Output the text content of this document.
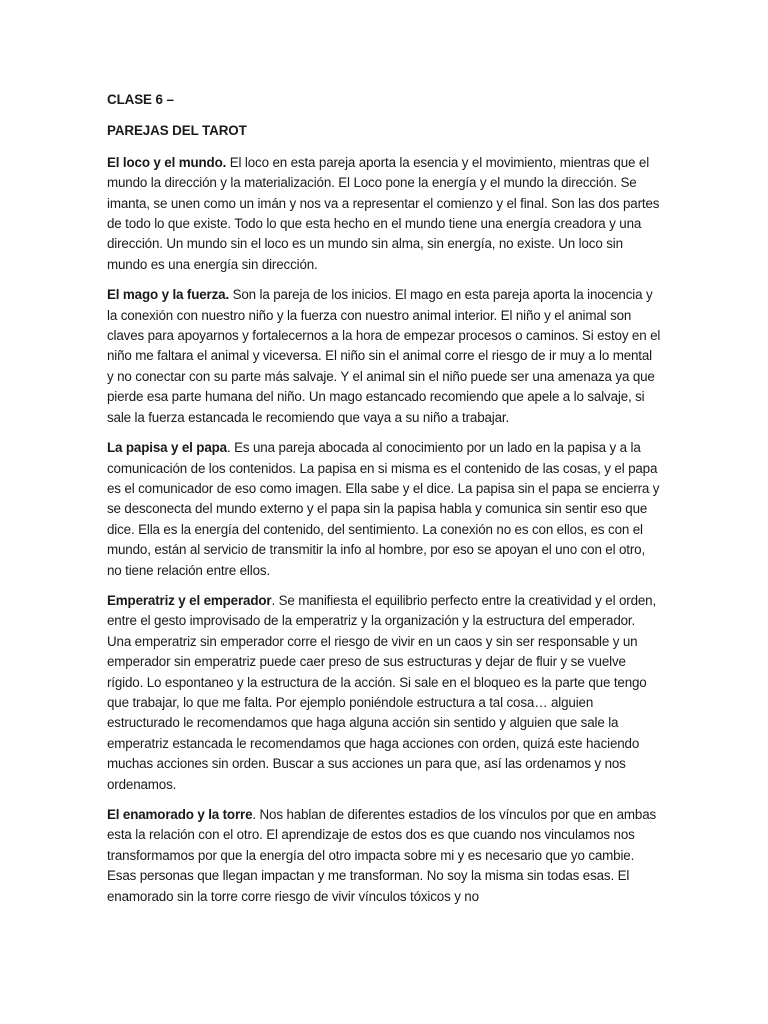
CLASE 6 –
PAREJAS DEL TAROT

El loco y el mundo. El loco en esta pareja aporta la esencia y el movimiento, mientras que el mundo la dirección y la materialización. El Loco pone la energía y el mundo la dirección. Se imanta, se unen como un imán y nos va a representar el comienzo y el final. Son las dos partes de todo lo que existe. Todo lo que esta hecho en el mundo tiene una energía creadora y una dirección. Un mundo sin el loco es un mundo sin alma, sin energía, no existe. Un loco sin mundo es una energía sin dirección.

El mago y la fuerza. Son la pareja de los inicios. El mago en esta pareja aporta la inocencia y la conexión con nuestro niño y la fuerza con nuestro animal interior. El niño y el animal son claves para apoyarnos y fortalecernos a la hora de empezar procesos o caminos. Si estoy en el niño me faltara el animal y viceversa. El niño sin el animal corre el riesgo de ir muy a lo mental y no conectar con su parte más salvaje. Y el animal sin el niño puede ser una amenaza ya que pierde esa parte humana del niño. Un mago estancado recomiendo que apele a lo salvaje, si sale la fuerza estancada le recomiendo que vaya a su niño a trabajar.

La papisa y el papa. Es una pareja abocada al conocimiento por un lado en la papisa y a la comunicación de los contenidos. La papisa en si misma es el contenido de las cosas, y el papa es el comunicador de eso como imagen. Ella sabe y el dice. La papisa sin el papa se encierra y se desconecta del mundo externo y el papa sin la papisa habla y comunica sin sentir eso que dice. Ella es la energía del contenido, del sentimiento. La conexión no es con ellos, es con el mundo, están al servicio de transmitir la info al hombre, por eso se apoyan el uno con el otro, no tiene relación entre ellos.

Emperatriz y el emperador. Se manifiesta el equilibrio perfecto entre la creatividad y el orden, entre el gesto improvisado de la emperatriz y la organización y la estructura del emperador. Una emperatriz sin emperador corre el riesgo de vivir en un caos y sin ser responsable y un emperador sin emperatriz puede caer preso de sus estructuras y dejar de fluir y se vuelve rígido. Lo espontaneo y la estructura de la acción. Si sale en el bloqueo es la parte que tengo que trabajar, lo que me falta. Por ejemplo poniéndole estructura a tal cosa… alguien estructurado le recomendamos que haga alguna acción sin sentido y alguien que sale la emperatriz estancada le recomendamos que haga acciones con orden, quizá este haciendo muchas acciones sin orden. Buscar a sus acciones un para que, así las ordenamos y nos ordenamos.

El enamorado y la torre. Nos hablan de diferentes estadios de los vínculos por que en ambas esta la relación con el otro. El aprendizaje de estos dos es que cuando nos vinculamos nos transformamos por que la energía del otro impacta sobre mi y es necesario que yo cambie. Esas personas que llegan impactan y me transforman. No soy la misma sin todas esas. El enamorado sin la torre corre riesgo de vivir vínculos tóxicos y no
